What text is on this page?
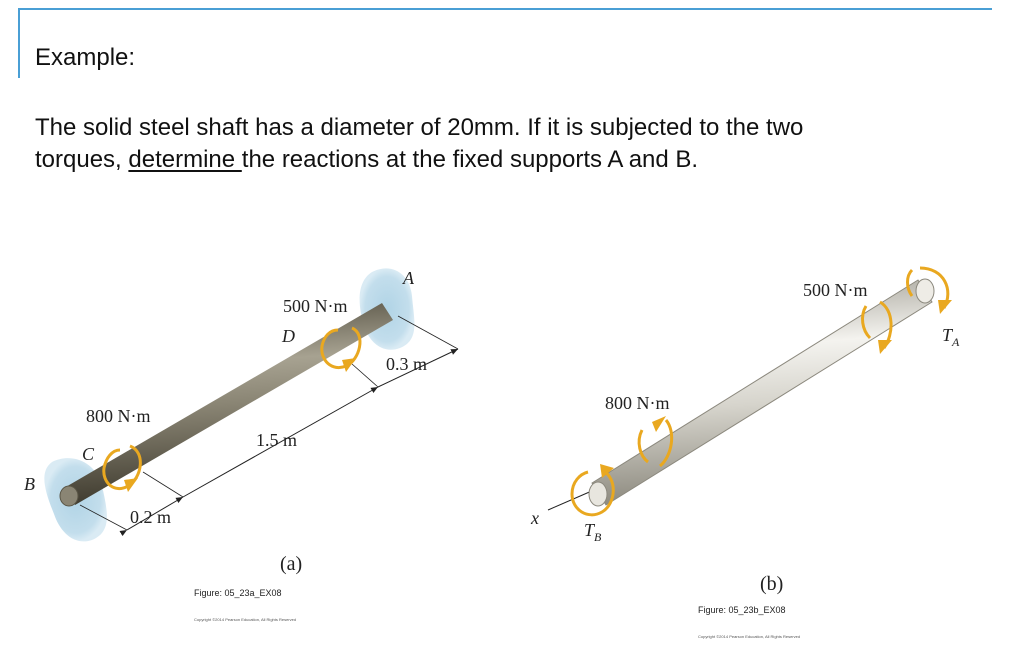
Example:

The solid steel shaft has a diameter of 20mm. If it is subjected to the two
torques, determine the reactions at the fixed supports A and B.

A
B
C
D
500 N·m
800 N·m
0.3 m
1.5 m
0.2 m
(a)
Figure: 05_23a_EX08
Copyright ©2014 Pearson Education, All Rights Reserved
500 N·m
800 N·m
$T_A$
$T_B$
x
(b)
Figure: 05_23b_EX08
Copyright ©2014 Pearson Education, All Rights Reserved
